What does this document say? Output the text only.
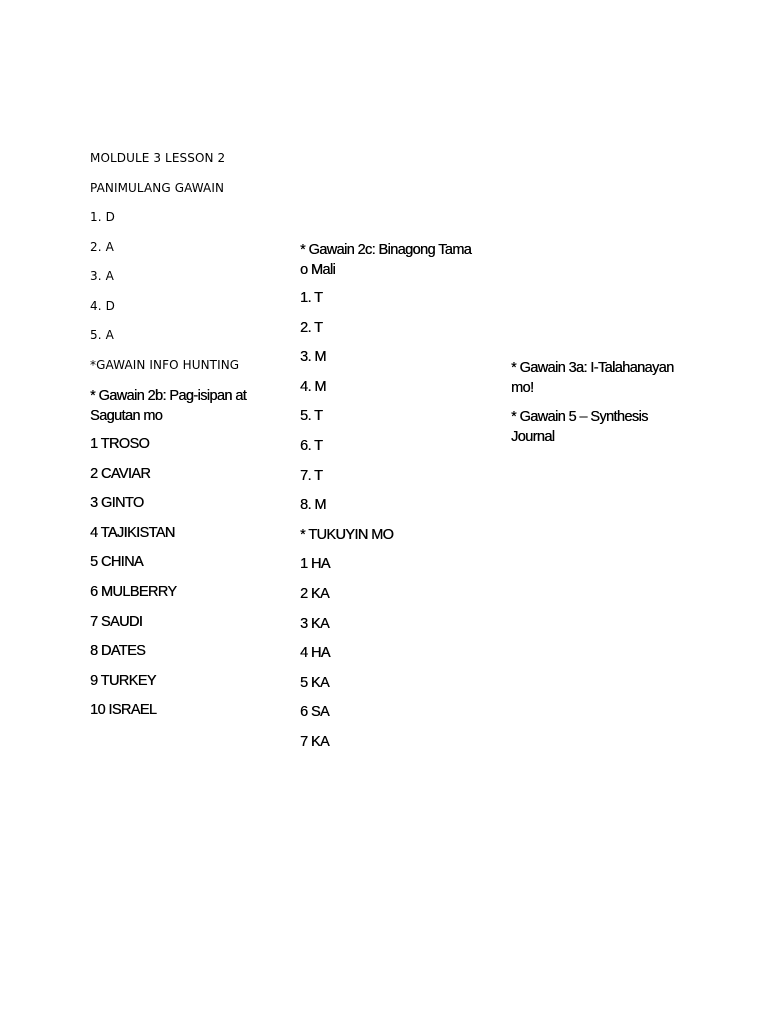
MOLDULE 3 LESSON 2

PANIMULANG GAWAIN

1. D

2. A

3. A

4. D

5. A

*GAWAIN INFO HUNTING

* Gawain 2b: Pag-isipan at Sagutan mo

1 TROSO

2 CAVIAR

3 GINTO

4 TAJIKISTAN

5 CHINA

6 MULBERRY

7 SAUDI

8 DATES

9 TURKEY

10 ISRAEL

* Gawain 2c: Binagong Tama o Mali

1. T

2. T

3. M

4. M

5. T

6. T

7. T

8. M

* TUKUYIN MO

1 HA

2 KA

3 KA

4 HA

5 KA

6 SA

7 KA

* Gawain 3a: I-Talahanayan mo!

* Gawain 5 – Synthesis Journal
